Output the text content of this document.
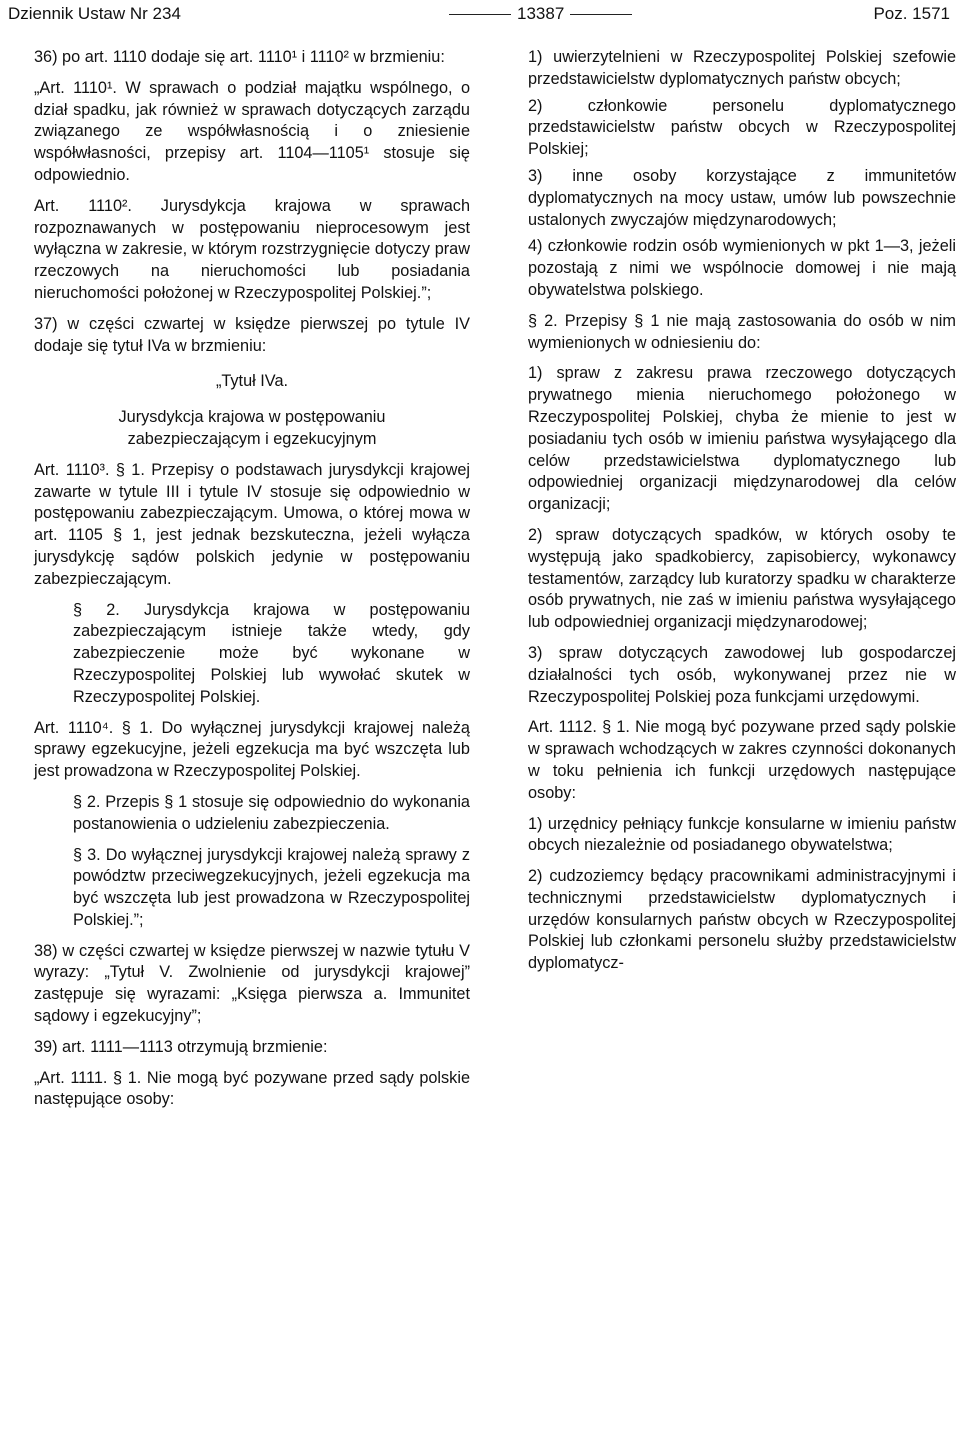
Dziennik Ustaw Nr 234	13387	Poz. 1571

36) po art. 1110 dodaje się art. 1110¹ i 1110² w brzmieniu:

„Art. 1110¹. W sprawach o podział majątku wspólnego, o dział spadku, jak również w sprawach dotyczących zarządu związanego ze współwłasnością i o zniesienie współwłasności, przepisy art. 1104—1105¹ stosuje się odpowiednio.

Art. 1110². Jurysdykcja krajowa w sprawach rozpoznawanych w postępowaniu nieprocesowym jest wyłączna w zakresie, w którym rozstrzygnięcie dotyczy praw rzeczowych na nieruchomości lub posiadania nieruchomości położonej w Rzeczypospolitej Polskiej.”;

37) w części czwartej w księdze pierwszej po tytule IV dodaje się tytuł IVa w brzmieniu:

„Tytuł IVa.

Jurysdykcja krajowa w postępowaniu

zabezpieczającym i egzekucyjnym

Art. 1110³. § 1. Przepisy o podstawach jurysdykcji krajowej zawarte w tytule III i tytule IV stosuje się odpowiednio w postępowaniu zabezpieczającym. Umowa, o której mowa w art. 1105 § 1, jest jednak bezskuteczna, jeżeli wyłącza jurysdykcję sądów polskich jedynie w postępowaniu zabezpieczającym.

§ 2. Jurysdykcja krajowa w postępowaniu zabezpieczającym istnieje także wtedy, gdy zabezpieczenie może być wykonane w Rzeczypospolitej Polskiej lub wywołać skutek w Rzeczypospolitej Polskiej.

Art. 1110⁴. § 1. Do wyłącznej jurysdykcji krajowej należą sprawy egzekucyjne, jeżeli egzekucja ma być wszczęta lub jest prowadzona w Rzeczypospolitej Polskiej.

§ 2. Przepis § 1 stosuje się odpowiednio do wykonania postanowienia o udzieleniu zabezpieczenia.

§ 3. Do wyłącznej jurysdykcji krajowej należą sprawy z powództw przeciwegzekucyjnych, jeżeli egzekucja ma być wszczęta lub jest prowadzona w Rzeczypospolitej Polskiej.”;

38) w części czwartej w księdze pierwszej w nazwie tytułu V wyrazy: „Tytuł V. Zwolnienie od jurysdykcji krajowej” zastępuje się wyrazami: „Księga pierwsza a. Immunitet sądowy i egzekucyjny”;

39) art. 1111—1113 otrzymują brzmienie:

„Art. 1111. § 1. Nie mogą być pozywane przed sądy polskie następujące osoby:

1) uwierzytelnieni w Rzeczypospolitej Polskiej szefowie przedstawicielstw dyplomatycznych państw obcych;

2) członkowie personelu dyplomatycznego przedstawicielstw państw obcych w Rzeczypospolitej Polskiej;

3) inne osoby korzystające z immunitetów dyplomatycznych na mocy ustaw, umów lub powszechnie ustalonych zwyczajów międzynarodowych;

4) członkowie rodzin osób wymienionych w pkt 1—3, jeżeli pozostają z nimi we wspólnocie domowej i nie mają obywatelstwa polskiego.

§ 2. Przepisy § 1 nie mają zastosowania do osób w nim wymienionych w odniesieniu do:

1) spraw z zakresu prawa rzeczowego dotyczących prywatnego mienia nieruchomego położonego w Rzeczypospolitej Polskiej, chyba że mienie to jest w posiadaniu tych osób w imieniu państwa wysyłającego dla celów przedstawicielstwa dyplomatycznego lub odpowiedniej organizacji międzynarodowej dla celów organizacji;

2) spraw dotyczących spadków, w których osoby te występują jako spadkobiercy, zapisobiercy, wykonawcy testamentów, zarządcy lub kuratorzy spadku w charakterze osób prywatnych, nie zaś w imieniu państwa wysyłającego lub odpowiedniej organizacji międzynarodowej;

3) spraw dotyczących zawodowej lub gospodarczej działalności tych osób, wykonywanej przez nie w Rzeczypospolitej Polskiej poza funkcjami urzędowymi.

Art. 1112. § 1. Nie mogą być pozywane przed sądy polskie w sprawach wchodzących w zakres czynności dokonanych w toku pełnienia ich funkcji urzędowych następujące osoby:

1) urzędnicy pełniący funkcje konsularne w imieniu państw obcych niezależnie od posiadanego obywatelstwa;

2) cudzoziemcy będący pracownikami administracyjnymi i technicznymi przedstawicielstw dyplomatycznych i urzędów konsularnych państw obcych w Rzeczypospolitej Polskiej lub członkami personelu służby przedstawicielstw dyplomatycz-
